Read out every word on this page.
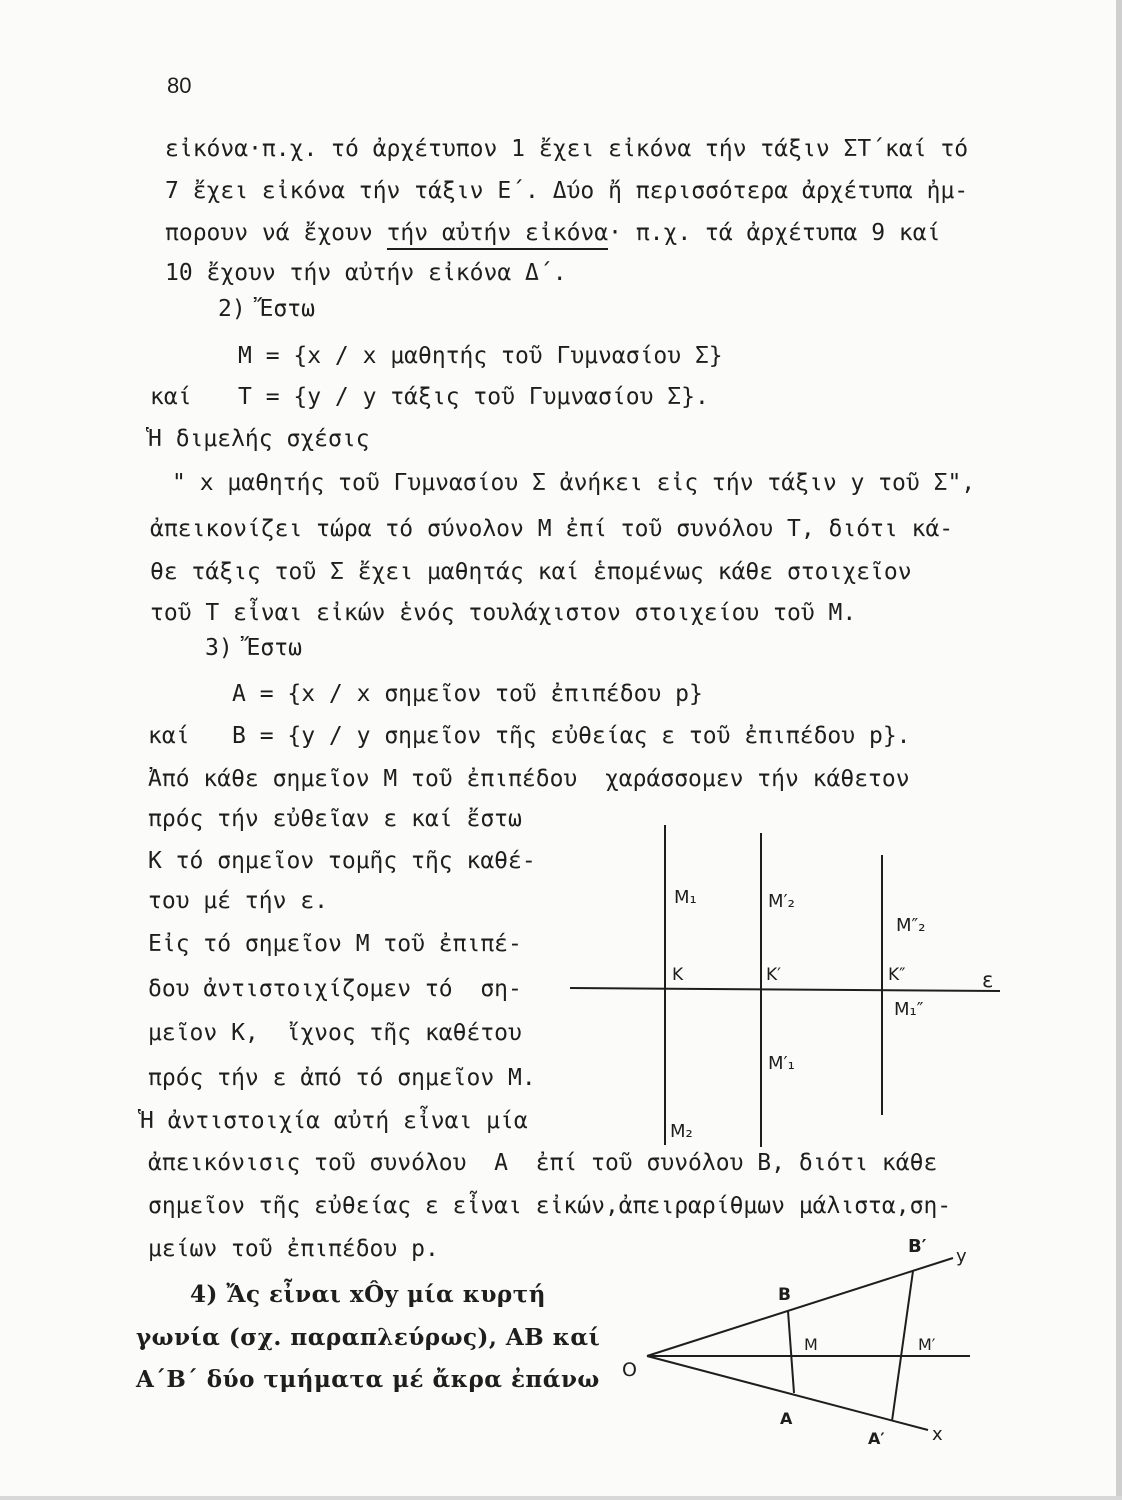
80
εἰκόνα·π.χ. τό ἀρχέτυπον 1 ἔχει εἰκόνα τήν τάξιν ΣΤ΄καί τό
7 ἔχει εἰκόνα τήν τάξιν Ε΄. Δύο ἤ περισσότερα ἀρχέτυπα ἠμ-
πορουν νά ἔχουν τήν αὐτήν εἰκόνα· π.χ. τά ἀρχέτυπα 9 καί
10 ἔχουν τήν αὐτήν εἰκόνα Δ΄.
2) Ἔστω
M = {x / x μαθητής τοῦ Γυμνασίου Σ}
καί T = {y / y τάξις τοῦ Γυμνασίου Σ}.
Ἡ διμελής σχέσις
" x μαθητής τοῦ Γυμνασίου Σ ἀνήκει εἰς τήν τάξιν y τοῦ Σ",
ἀπεικονίζει τώρα τό σύνολον M ἐπί τοῦ συνόλου T, διότι κά-
θε τάξις τοῦ Σ ἔχει μαθητάς καί ἑπομένως κάθε στοιχεῖον
τοῦ T εἶναι εἰκών ἑνός τουλάχιστον στοιχείου τοῦ M.
3) Ἔστω
A = {x / x σημεῖον τοῦ ἐπιπέδου p}
καί B = {y / y σημεῖον τῆς εὐθείας ε τοῦ ἐπιπέδου p}.
Ἀπό κάθε σημεῖον M τοῦ ἐπιπέδου  χαράσσομεν τήν κάθετον
πρός τήν εὐθεῖαν ε καί ἔστω
K τό σημεῖον τομῆς τῆς καθέ-
του μέ τήν ε.
Εἰς τό σημεῖον M τοῦ ἐπιπέ-
δου ἀντιστοιχίζομεν τό  ση-
μεῖον K,  ἴχνος τῆς καθέτου
πρός τήν ε ἀπό τό σημεῖον M.
Ἡ ἀντιστοιχία αὐτή εἶναι μία
ἀπεικόνισις τοῦ συνόλου  A  ἐπί τοῦ συνόλου B, διότι κάθε
σημεῖον τῆς εὐθείας ε εἶναι εἰκών,ἀπειραρίθμων μάλιστα,ση-
μείων τοῦ ἐπιπέδου p.
M₁	M′₂
M″₂
K	K′	K″	ε
M₁″
M′₁
M₂
4) Ἄς εἶναι xÔy μία κυρτή
γωνία (σχ. παραπλεύρως), AB καί
A΄B΄ δύο τμήματα μέ ἄκρα ἐπάνω O
B
B′ y
M	M′
A
A′	x
